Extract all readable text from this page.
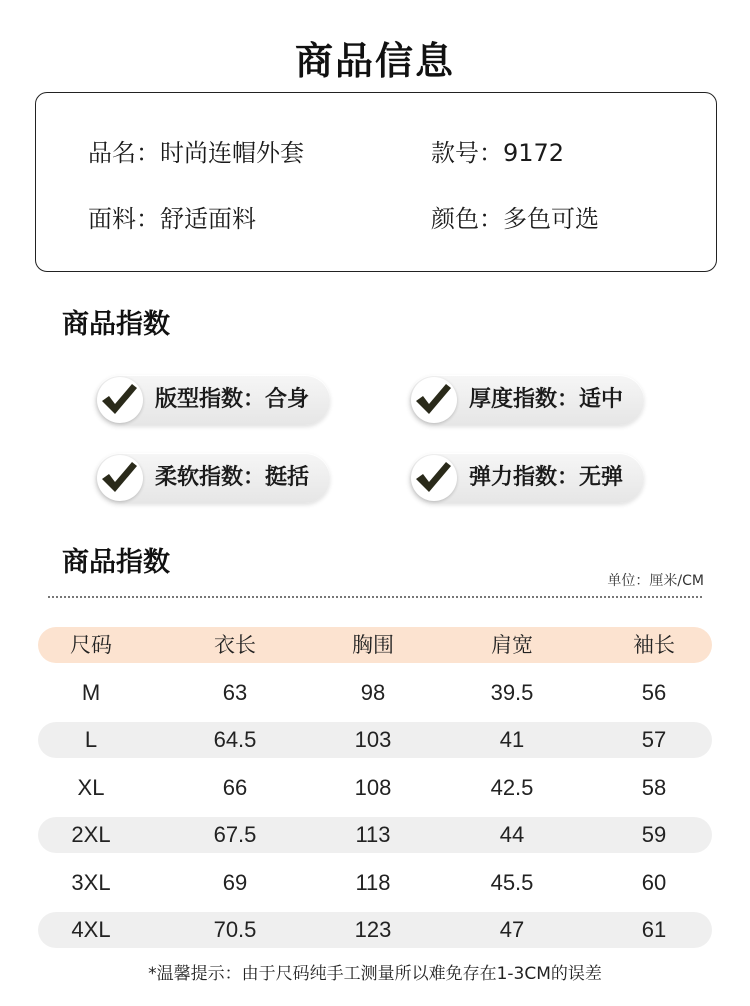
商品信息
品名：时尚连帽外套	款号：9172
面料：舒适面料	颜色：多色可选
商品指数
版型指数：合身	厚度指数：适中
柔软指数：挺括	弹力指数：无弹
商品指数
单位：厘米/CM
尺码	衣长	胸围	肩宽	袖长
M	63	98	39.5	56
L	64.5	103	41	57
XL	66	108	42.5	58
2XL	67.5	113	44	59
3XL	69	118	45.5	60
4XL	70.5	123	47	61
*温馨提示：由于尺码纯手工测量所以难免存在1-3CM的误差
